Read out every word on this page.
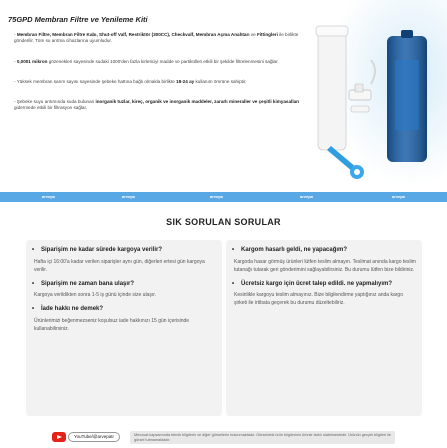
75GPD Membran Filtre ve Yenileme Kiti
- Membran Filtre, Membran Filtre Kabı, Shut-off Valf, Restriktör (300CC), Checkvalf, Membran Açma Anahtarı ve Fittingleri ile birlikte gönderilir. Tüm su arıtma cihazlarına uyumludur.
- 0,0001 mikron gözenekleri sayesinde sudaki 1000'den fazla kirleticiyi madde ve partikülleri etkili bir şekilde filtrelenmesini sağlar.
- Yüksek membran sarım sayısı sayesinde şebeke hattına bağlı olmakla birlikte 18-24 ay kullanım ömrüne sahiptir.
- Şebeke suyu arıtımında suda bulunan inorganik tuzlar, kireç, organik ve inorganik maddeler, zararlı mineraller ve çeşitli kimyasalları gidermede etkili bir filtrasyon sağlar.
arvepa	arvepa	arvepa	arvepa	arvepa
SIK SORULAN SORULAR
• Siparişim ne kadar sürede kargoya verilir?
Hafta içi 16:00'a kadar verilen siparişler aynı gün, diğerleri ertesi gün kargoya verilir.
• Siparişim ne zaman bana ulaşır?
Kargoya verildikten sonra 1-5 iş günü içinde size ulaşır.
• İade hakkı ne demek?
Ürünlerimizi beğenmezseniz koşulsuz iade hakkınızı 15 gün içerisinde kullanabilirsiniz.
• Kargom hasarlı geldi, ne yapacağım?
Kargoda hasar görmüş ürünleri lütfen teslim almayın. Teslimat anında kargo teslim tutanağı tutarak geri gönderimini sağlayabilirsiniz. Bu durumu lütfen bize bildiriniz.
• Ücretsiz kargo için ücret talep edildi. ne yapmalıyım?
Kesinlikle kargoyu teslim almayınız. Bize bilgilendirme yaptığınız anda kargo şirketi ile irtibata geçerek bu durumu düzeltebiliriz.
YouTube/@arvepatr	Mevzuat kapsamında teknik bilgilerin ve diğer görsellerin bulunmaktadır. Görseldeki ürün bilgilerinin ürünle farklı olabilmektedir. Ürünün gerçek bilgileri ile görsel tutmamaktadır.
